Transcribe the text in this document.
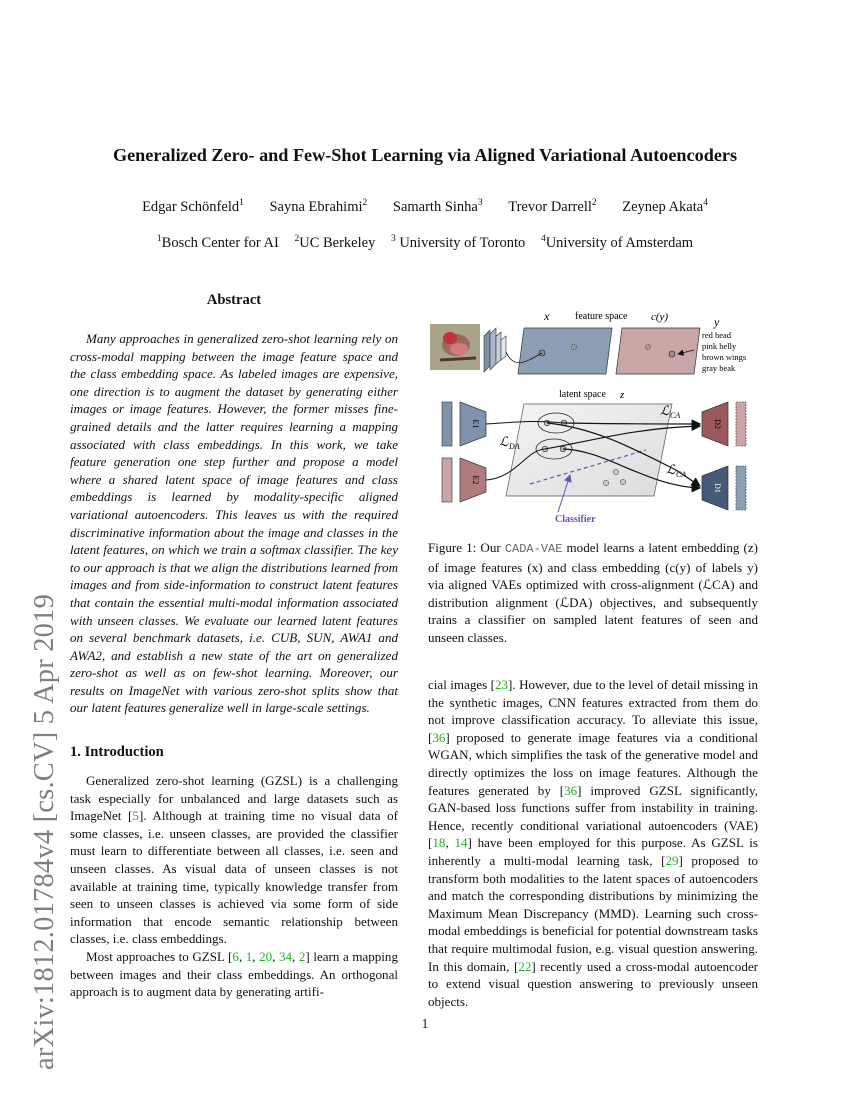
arXiv:1812.01784v4 [cs.CV] 5 Apr 2019
Generalized Zero- and Few-Shot Learning via Aligned Variational Autoencoders
Edgar Schönfeld$^1$ Sayna Ebrahimi$^2$ Samarth Sinha$^3$ Trevor Darrell$^2$ Zeynep Akata$^4$
$^1$Bosch Center for AI $^2$UC Berkeley $^3$ University of Toronto $^4$University of Amsterdam
Abstract

Many approaches in generalized zero-shot learning rely on cross-modal mapping between the image feature space and the class embedding space. As labeled images are expensive, one direction is to augment the dataset by generating either images or image features. However, the former misses fine-grained details and the latter requires learning a mapping associated with class embeddings. In this work, we take feature generation one step further and propose a model where a shared latent space of image features and class embeddings is learned by modality-specific aligned variational autoencoders. This leaves us with the required discriminative information about the image and classes in the latent features, on which we train a softmax classifier. The key to our approach is that we align the distributions learned from images and from side-information to construct latent features that contain the essential multi-modal information associated with unseen classes. We evaluate our learned latent features on several benchmark datasets, i.e. CUB, SUN, AWA1 and AWA2, and establish a new state of the art on generalized zero-shot as well as on few-shot learning. Moreover, our results on ImageNet with various zero-shot splits show that our latent features generalize well in large-scale settings.

1. Introduction

Generalized zero-shot learning (GZSL) is a challenging task especially for unbalanced and large datasets such as ImageNet [5]. Although at training time no visual data of some classes, i.e. unseen classes, are provided the classifier must learn to differentiate between all classes, i.e. seen and unseen classes. As visual data of unseen classes is not available at training time, typically knowledge transfer from seen to unseen classes is achieved via some form of side information that encode semantic relationship between classes, i.e. class embeddings.

Most approaches to GZSL [6, 1, 20, 34, 2] learn a mapping between images and their class embeddings. An orthogonal approach is to augment data by generating artifi-

x	feature space c(y)	y
red head
pink belly
brown wings
gray beak
latent space z
E1
E2
D2
D1
ℒ CA
ℒ CA
ℒ DA
Classifier
Figure 1: Our CADA-VAE model learns a latent embedding (z) of image features (x) and class embedding (c(y) of labels y) via aligned VAEs optimized with cross-alignment (ℒCA) and distribution alignment (ℒDA) objectives, and subsequently trains a classifier on sampled latent features of seen and unseen classes.

cial images [23]. However, due to the level of detail missing in the synthetic images, CNN features extracted from them do not improve classification accuracy. To alleviate this issue, [36] proposed to generate image features via a conditional WGAN, which simplifies the task of the generative model and directly optimizes the loss on image features. Although the features generated by [36] improved GZSL significantly, GAN-based loss functions suffer from instability in training. Hence, recently conditional variational autoencoders (VAE) [18, 14] have been employed for this purpose. As GZSL is inherently a multi-modal learning task, [29] proposed to transform both modalities to the latent spaces of autoencoders and match the corresponding distributions by minimizing the Maximum Mean Discrepancy (MMD). Learning such cross-modal embeddings is beneficial for potential downstream tasks that require multimodal fusion, e.g. visual question answering. In this domain, [22] recently used a cross-modal autoencoder to extend visual question answering to previously unseen objects.

1
